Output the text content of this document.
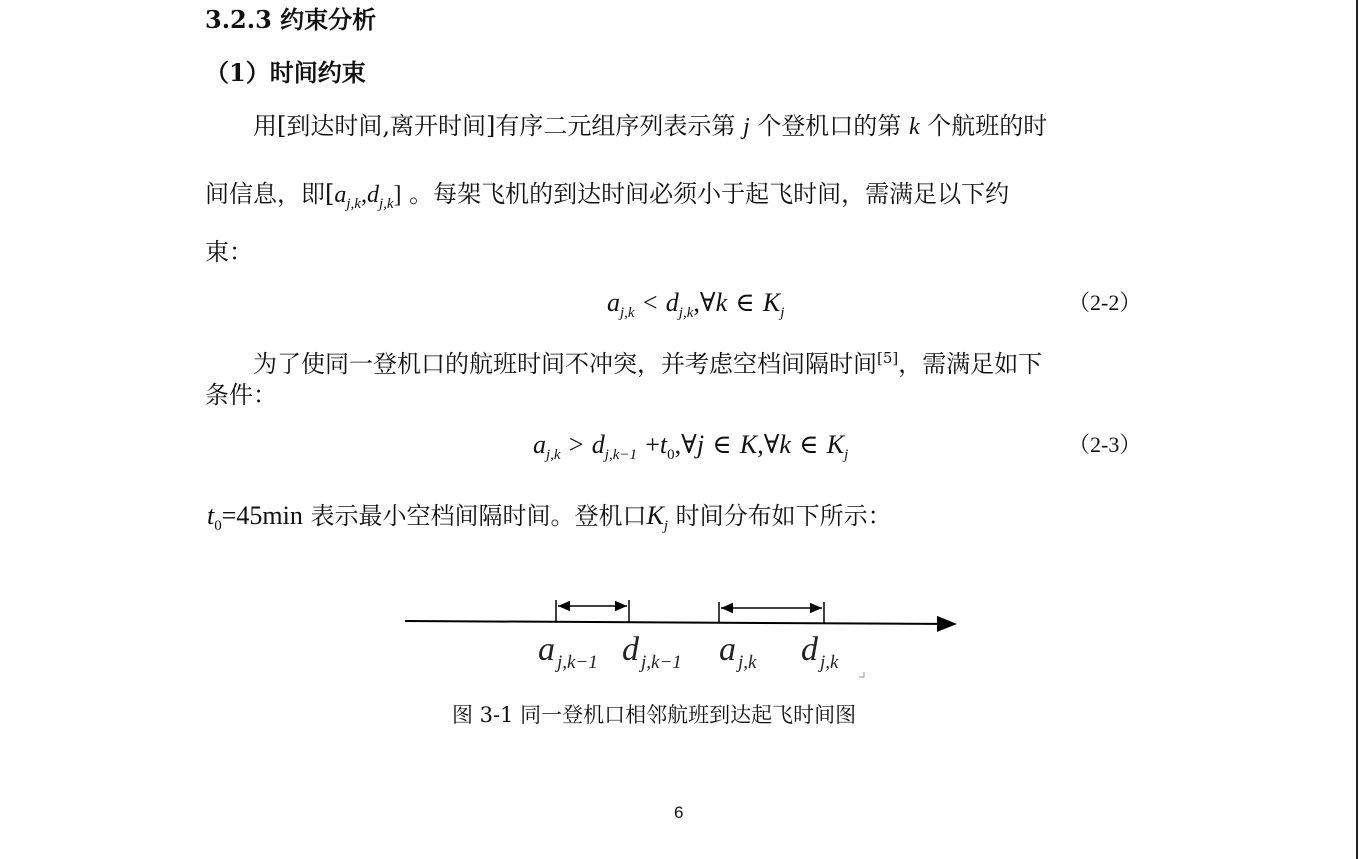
3.2.3 约束分析
（1）时间约束
用[到达时间,离开时间]有序二元组序列表示第 j 个登机口的第 k 个航班的时
间信息，即$[a_{j,k},d_{j,k}]$ 。每架飞机的到达时间必须小于起飞时间，需满足以下约
束：
$a_{j,k}$ < $d_{j,k},\forall k$ ∈ $K_j$	（2-2）
为了使同一登机口的航班时间不冲突，并考虑空档间隔时间[5]，需满足如下
条件：
$a_{j,k} > d_{j,k-1}$ $+t_0,\forall j$ ∈ K,∀k ∈ $K_j$	（2-3）
$t_0=45\min$ 表示最小空档间隔时间。登机口$K_j$ 时间分布如下所示：
a $_{j,k-1}$ d $_{j,k-1}$ a $_{j,k}$ d $_{j,k}$
图 3-1 同一登机口相邻航班到达起飞时间图
6
